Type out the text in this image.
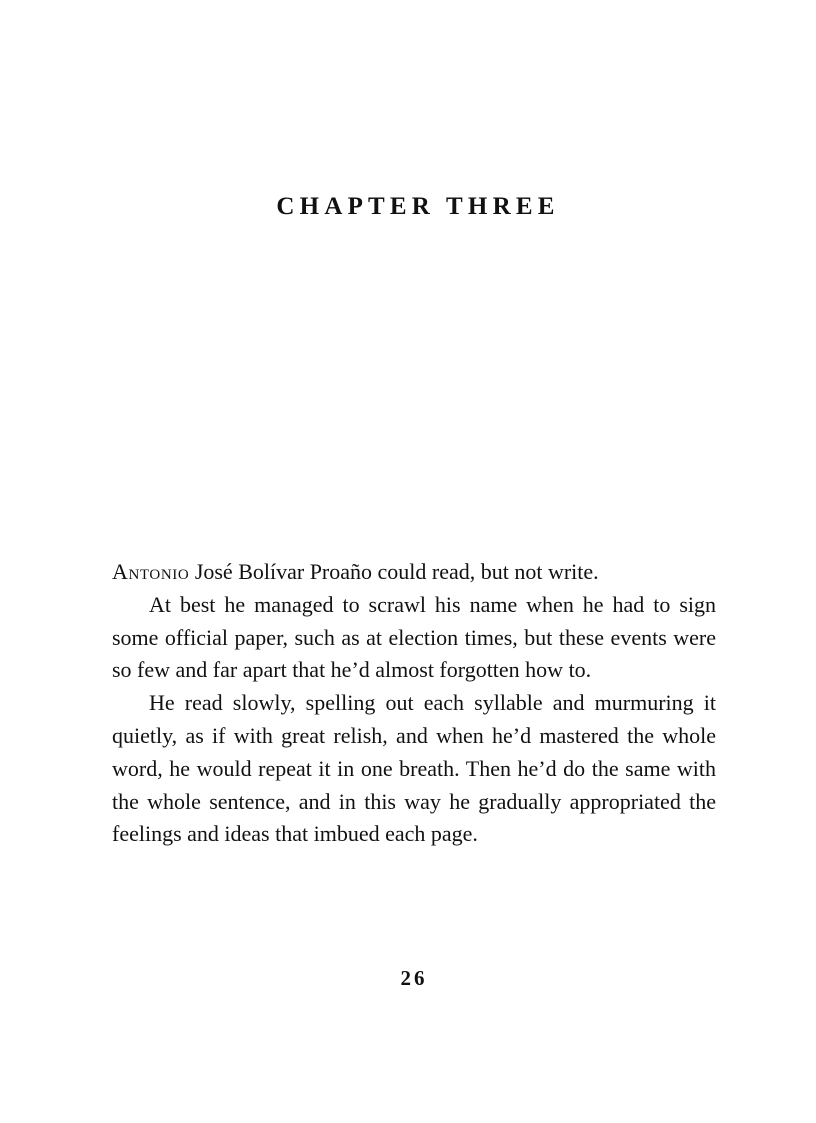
CHAPTER THREE

Antonio José Bolívar Proaño could read, but not write.

At best he managed to scrawl his name when he had to sign some official paper, such as at election times, but these events were so few and far apart that he’d almost forgotten how to.

He read slowly, spelling out each syllable and murmuring it quietly, as if with great relish, and when he’d mastered the whole word, he would repeat it in one breath. Then he’d do the same with the whole sentence, and in this way he gradually appropriated the feelings and ideas that imbued each page.

26
